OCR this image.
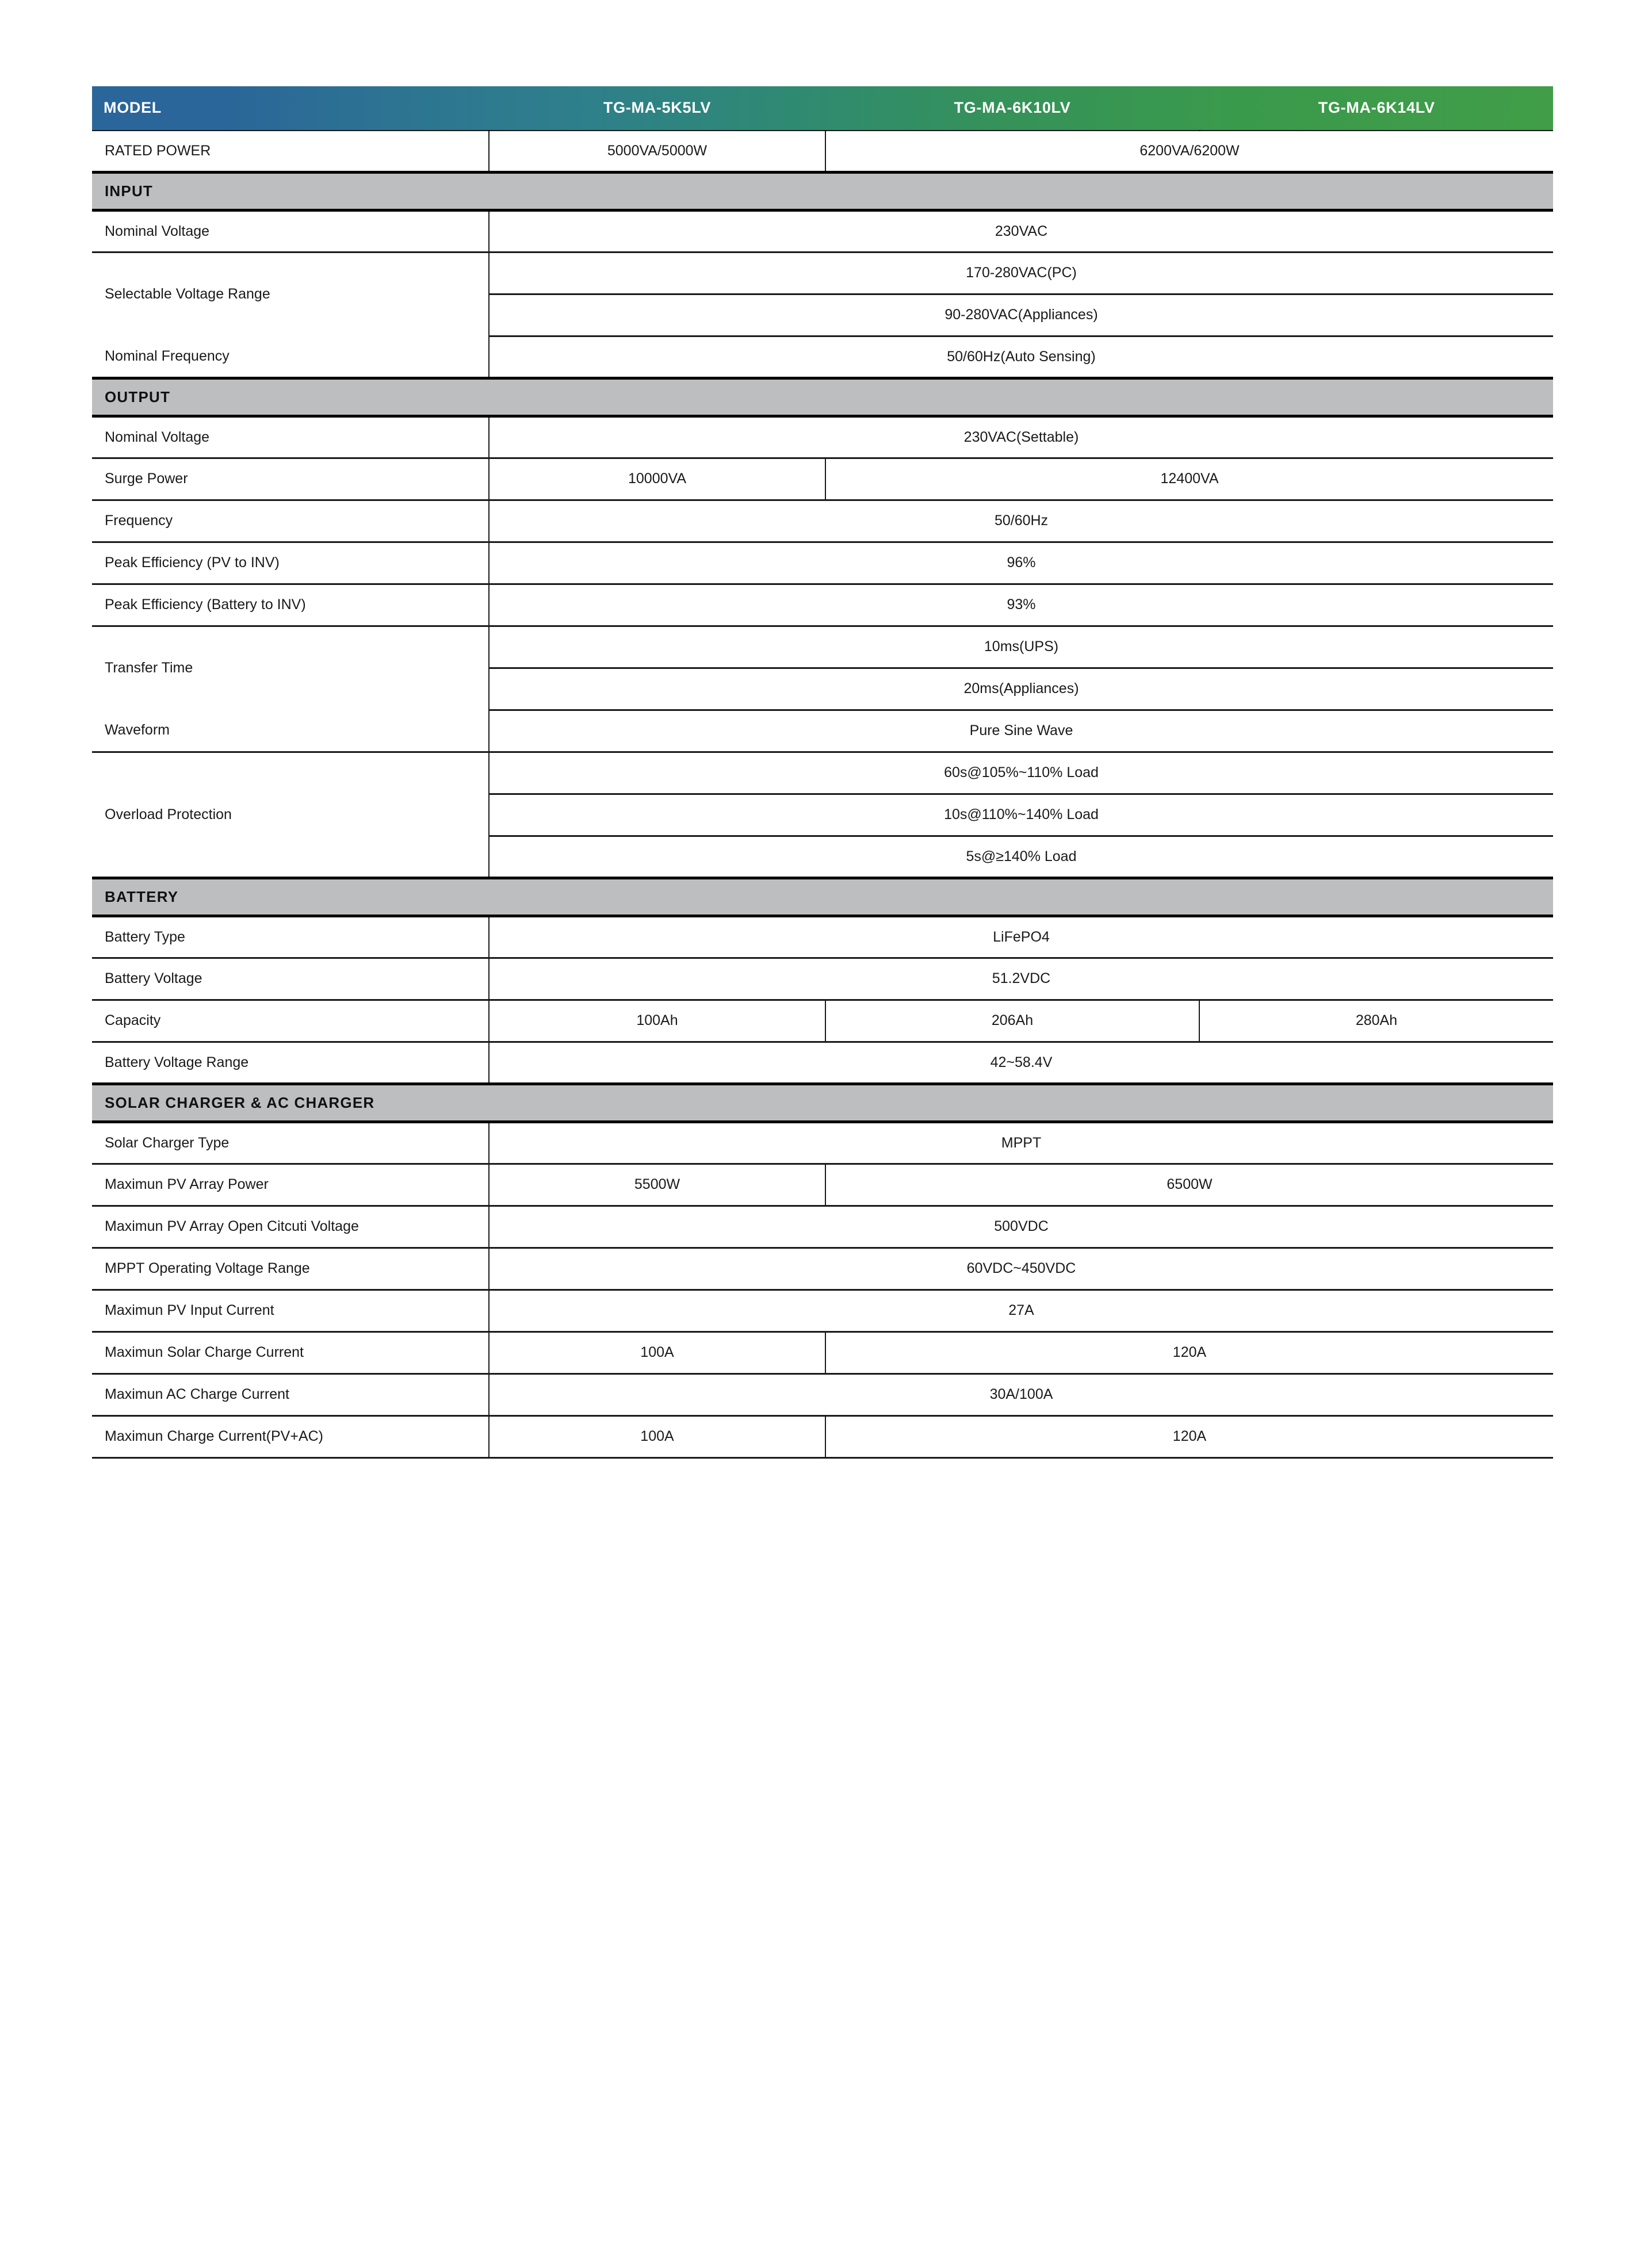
MODEL	TG-MA-5K5LV	TG-MA-6K10LV	TG-MA-6K14LV
RATED POWER	5000VA/5000W	6200VA/6200W	
INPUT			
Nominal Voltage	230VAC		
Selectable Voltage Range	170-280VAC(PC)		
	90-280VAC(Appliances)		
Nominal Frequency	50/60Hz(Auto Sensing)		
OUTPUT			
Nominal Voltage	230VAC(Settable)		
Surge Power	10000VA	12400VA	
Frequency	50/60Hz		
Peak Efficiency (PV to INV)	96%		
Peak Efficiency (Battery to INV)	93%		
Transfer Time	10ms(UPS)		
	20ms(Appliances)		
Waveform	Pure Sine Wave		
Overload Protection	60s@105%~110% Load		
	10s@110%~140% Load		
	5s@≥140% Load		
BATTERY			
Battery Type	LiFePO4		
Battery Voltage	51.2VDC		
Capacity	100Ah	206Ah	280Ah
Battery Voltage Range	42~58.4V		
SOLAR CHARGER & AC CHARGER			
Solar Charger Type	MPPT		
Maximun PV Array Power	5500W	6500W	
Maximun PV Array Open Citcuti Voltage	500VDC		
MPPT Operating Voltage Range	60VDC~450VDC		
Maximun PV Input Current	27A		
Maximun Solar Charge Current	100A	120A	
Maximun AC Charge Current	30A/100A		
Maximun Charge Current(PV+AC)	100A	120A	
